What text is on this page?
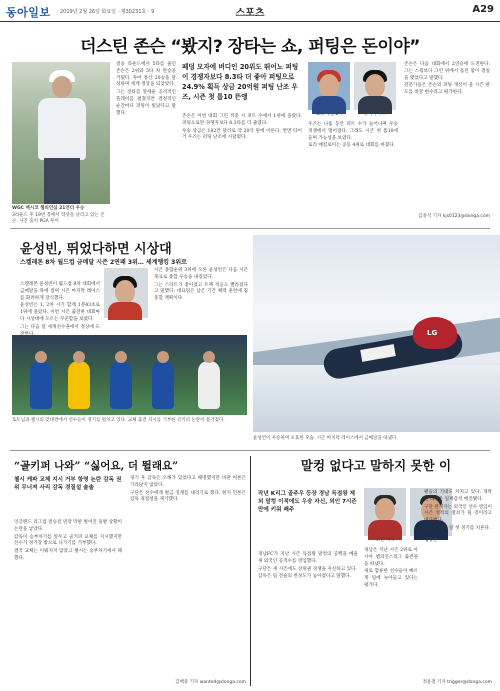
동아일보 2019년 2월 26일 화요일 · 제30231호 · 9	스포츠	A29
더스틴 존슨 “봤지? 장타는 쇼, 퍼팅은 돈이야”
WGC 멕시코 챔피언십 21언더 우승
3라운드 후 19번 홀에서 티샷을 날리고 있는 존슨. 사진 출처 PGA 투어

결승 라운드에서 5타를 줄인 존슨은 2위와 5타 차 완승을 거뒀다. 투어 통산 20승을 달성하며 세계 정상을 되찾았다.

그는 장타를 앞세운 공격적인 플레이를 펼쳤지만 결정적인 순간마다 퍼팅이 빛났다고 말했다.

페덩 모자에 버디인 20위도 뛰어노 퍼팅이 경쟁자보다 8.3타 더 좋아 퍼팅으로 24.9% 획득 상금 20억원 퍼팅 난조 우즈, 시즌 첫 톱10 뜬앵

존슨은 이번 대회 그린 적중 시 퍼트 수에서 1위에 올랐다. 퍼팅으로만 경쟁자보다 8.3타를 더 줄였다.

우승 상금은 182만 달러로 약 20억 원에 이른다. 반면 타이거 우즈는 퍼팅 난조에 시달렸다.

로리 매킬로이	타이거 우즈

우즈는 나흘 동안 퍼트 수가 늘어나며 우승 경쟁에서 멀어졌다. 그래도 시즌 첫 톱10에 들며 가능성을 보였다.

로리 매킬로이는 공동 4위로 대회를 마쳤다.

존슨은 다음 대회에서 2연승에 도전한다. 그는 스윙보다 그린 위에서 흘린 땀이 결실을 맺었다고 말했다.

전문가들은 존슨의 퍼팅 개선이 올 시즌 판도를 바꿀 변수라고 평가한다.

김종석 기자 kjs0123@donga.com
윤성빈, 뛰었다하면 시상대
스켈레톤 8차 월드컵 금메달 시즌 2연패 3위… 세계랭킹 3위로

스켈레톤 윤성빈이 월드컵 8차 대회에서 금메달을 목에 걸며 시즌 마지막 레이스를 화려하게 장식했다.

윤성빈은 1, 2차 시기 합계 1분43초로 1위에 올랐다. 이번 시즌 출전한 대회마다 시상대에 오르는 꾸준함을 보였다.

그는 다음 달 세계선수권에서 정상에 도

시즌 종합순위 3위에 오른 윤성빈은 다음 시즌 목표로 종합 우승을 내걸었다.

그는 스타트가 좋아졌고 트랙 적응도 빨라졌다고 말했다. 대표팀은 남은 기간 체력 훈련에 집중할 계획이다.

LG
윤성빈이 우승하며 포효한 모습. 시즌 마지막 레이스에서 금메달을 따냈다.
토트넘과 첼시의 맞대결에서 선수들이 경기를 펼치고 있다. 교체 출전 지시를 거부한 골키퍼 논란이 불거졌다.
“골키퍼 나와” “싫어요, 더 뛸래요”
첼시 케파 교체 지시 거부 항명 논란 감독 권위 무너져 사리 감독 경질설 솔솔

잉글랜드 리그컵 결승전 연장 막판 벌어진 돌발 상황이 논란을 낳았다.

감독이 승부차기를 앞두고 골키퍼 교체를 지시했지만 선수가 경기장 밖으로 나가기를 거부했다.

결국 교체는 이뤄지지 않았고 첼시는 승부차기에서 패했다.

경기 후 감독은 오해가 있었다고 해명했지만 비판 여론은 가라앉지 않았다.

구단은 선수에게 벌금 징계를 내리기로 했다. 현지 언론은 감독 경질설을 제기했다.

김배중 기자 wanted@donga.com
말컹 없다고 말하지 못한 이
작년 K리그 골주우 등장 경남 득점왕 제외 말컹 이적에도 우승 자신, 외인 7시즌 만에 키워 쾌주
조던 머치	김승준

경남FC가 지난 시즌 득점왕 말컹의 공백을 메울 새 외국인 공격수를 영입했다.

구단은 새 시즌에도 상위권 경쟁을 자신하고 있다.

감독은 팀 전술의 완성도가 높아졌다고 말했다.

경남은 지난 시즌 2위로 아시아 챔피언스리그 출전권을 따냈다.

새로 합류한 선수들이 빠르게 팀에 녹아들고 있다는 평가다.

팬들의 기대도 커지고 있다. 개막전 티켓은 일찌감치 매진됐다.

구단 관계자는 외국인 선수 영입이 시즌 성적의 열쇠가 될 것이라고 내다봤다.

경남은 다음 달 첫 경기를 치른다.

정윤철 기자 trigger@donga.com
